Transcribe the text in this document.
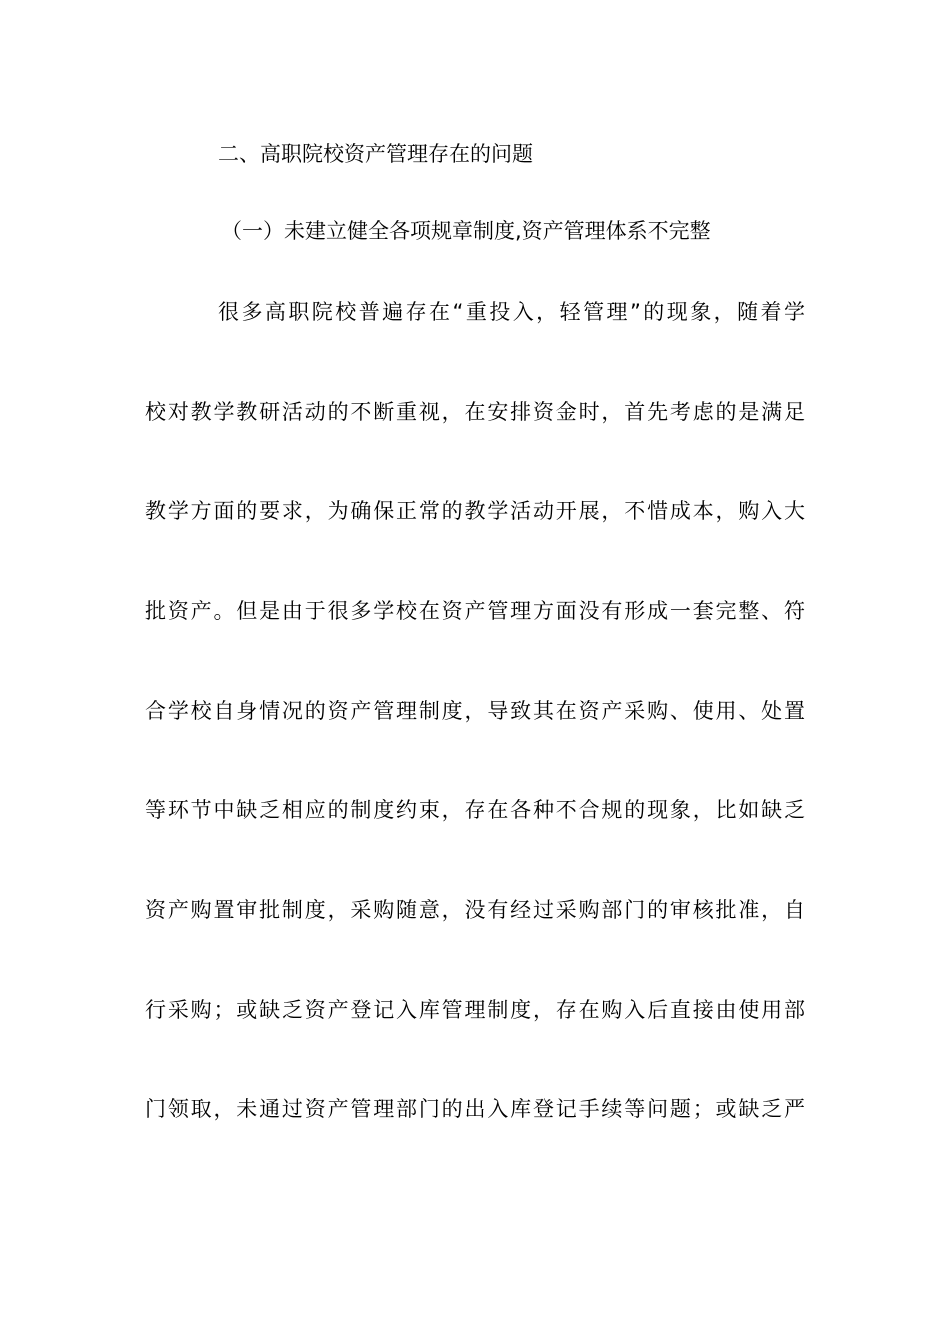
二、高职院校资产管理存在的问题

（一）未建立健全各项规章制度,资产管理体系不完整

很多高职院校普遍存在“重投入，轻管理”的现象，随着学

校对教学教研活动的不断重视，在安排资金时，首先考虑的是满足

教学方面的要求，为确保正常的教学活动开展，不惜成本，购入大

批资产。但是由于很多学校在资产管理方面没有形成一套完整、符

合学校自身情况的资产管理制度，导致其在资产采购、使用、处置

等环节中缺乏相应的制度约束，存在各种不合规的现象，比如缺乏

资产购置审批制度，采购随意，没有经过采购部门的审核批准，自

行采购；或缺乏资产登记入库管理制度，存在购入后直接由使用部

门领取，未通过资产管理部门的出入库登记手续等问题；或缺乏严
